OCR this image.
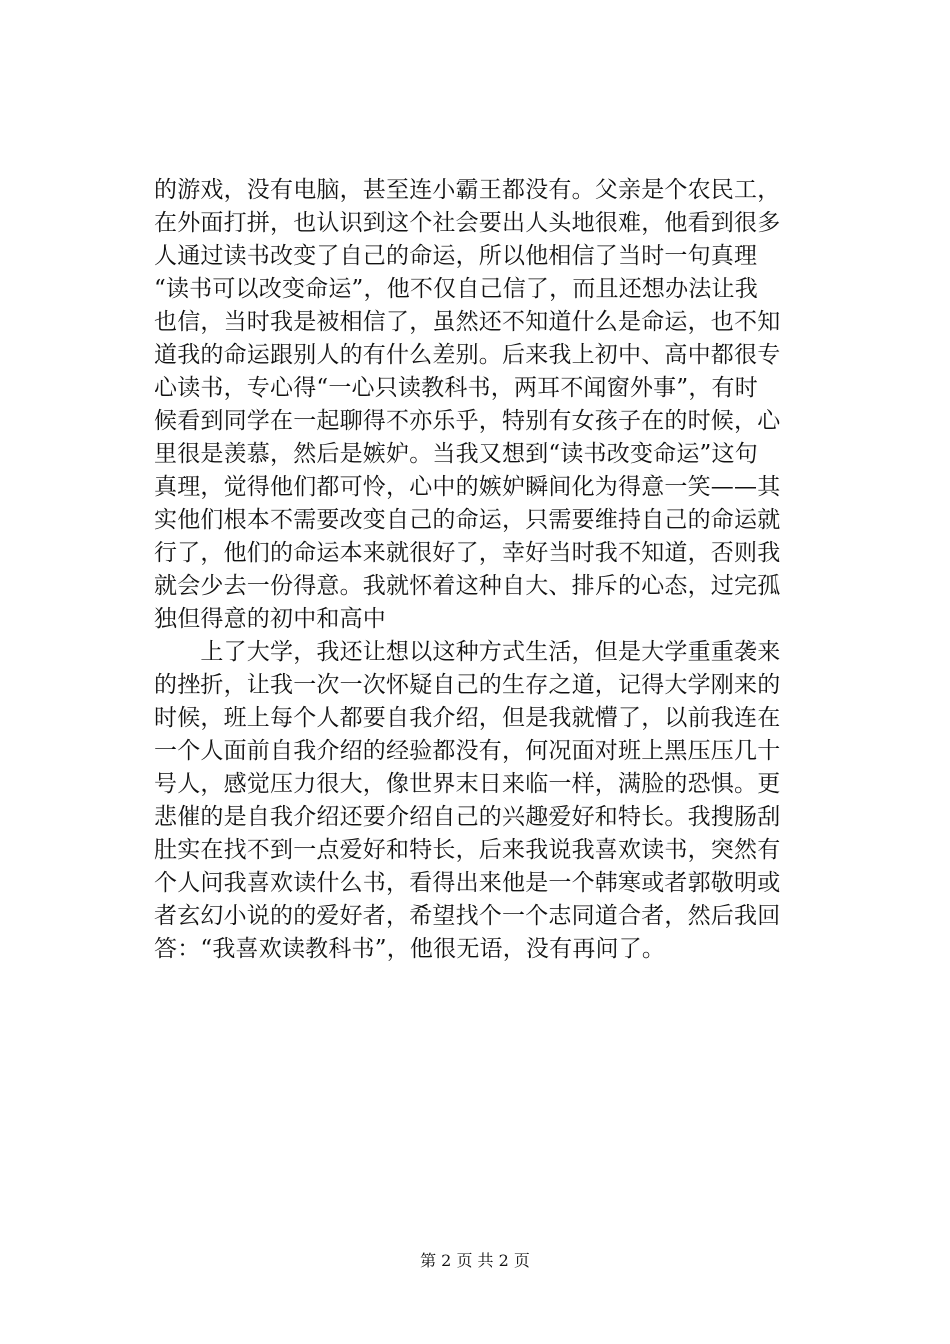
的游戏，没有电脑，甚至连小霸王都没有。父亲是个农民工，
在外面打拼，也认识到这个社会要出人头地很难，他看到很多
人通过读书改变了自己的命运，所以他相信了当时一句真理
“读书可以改变命运”，他不仅自己信了，而且还想办法让我
也信，当时我是被相信了，虽然还不知道什么是命运，也不知
道我的命运跟别人的有什么差别。后来我上初中、高中都很专
心读书，专心得“一心只读教科书，两耳不闻窗外事”，有时
候看到同学在一起聊得不亦乐乎，特别有女孩子在的时候，心
里很是羡慕，然后是嫉妒。当我又想到“读书改变命运”这句
真理，觉得他们都可怜，心中的嫉妒瞬间化为得意一笑——其
实他们根本不需要改变自己的命运，只需要维持自己的命运就
行了，他们的命运本来就很好了，幸好当时我不知道，否则我
就会少去一份得意。我就怀着这种自大、排斥的心态，过完孤
独但得意的初中和高中
　　上了大学，我还让想以这种方式生活，但是大学重重袭来
的挫折，让我一次一次怀疑自己的生存之道，记得大学刚来的
时候，班上每个人都要自我介绍，但是我就懵了，以前我连在
一个人面前自我介绍的经验都没有，何况面对班上黑压压几十
号人，感觉压力很大，像世界末日来临一样，满脸的恐惧。更
悲催的是自我介绍还要介绍自己的兴趣爱好和特长。我搜肠刮
肚实在找不到一点爱好和特长，后来我说我喜欢读书，突然有
个人问我喜欢读什么书，看得出来他是一个韩寒或者郭敬明或
者玄幻小说的的爱好者，希望找个一个志同道合者，然后我回
答：“我喜欢读教科书”，他很无语，没有再问了。
第 2 页 共 2 页
